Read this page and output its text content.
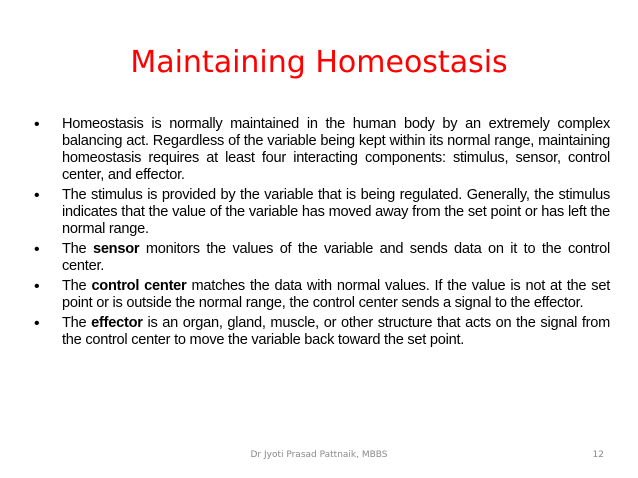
Maintaining Homeostasis
• Homeostasis is normally maintained in the human body by an extremely complex balancing act. Regardless of the variable being kept within its normal range, maintaining homeostasis requires at least four interacting components: stimulus, sensor, control center, and effector.
• The stimulus is provided by the variable that is being regulated. Generally, the stimulus indicates that the value of the variable has moved away from the set point or has left the normal range.
• The sensor monitors the values of the variable and sends data on it to the control center.
• The control center matches the data with normal values. If the value is not at the set point or is outside the normal range, the control center sends a signal to the effector.
• The effector is an organ, gland, muscle, or other structure that acts on the signal from the control center to move the variable back toward the set point.
Dr Jyoti Prasad Pattnaik, MBBS	12
